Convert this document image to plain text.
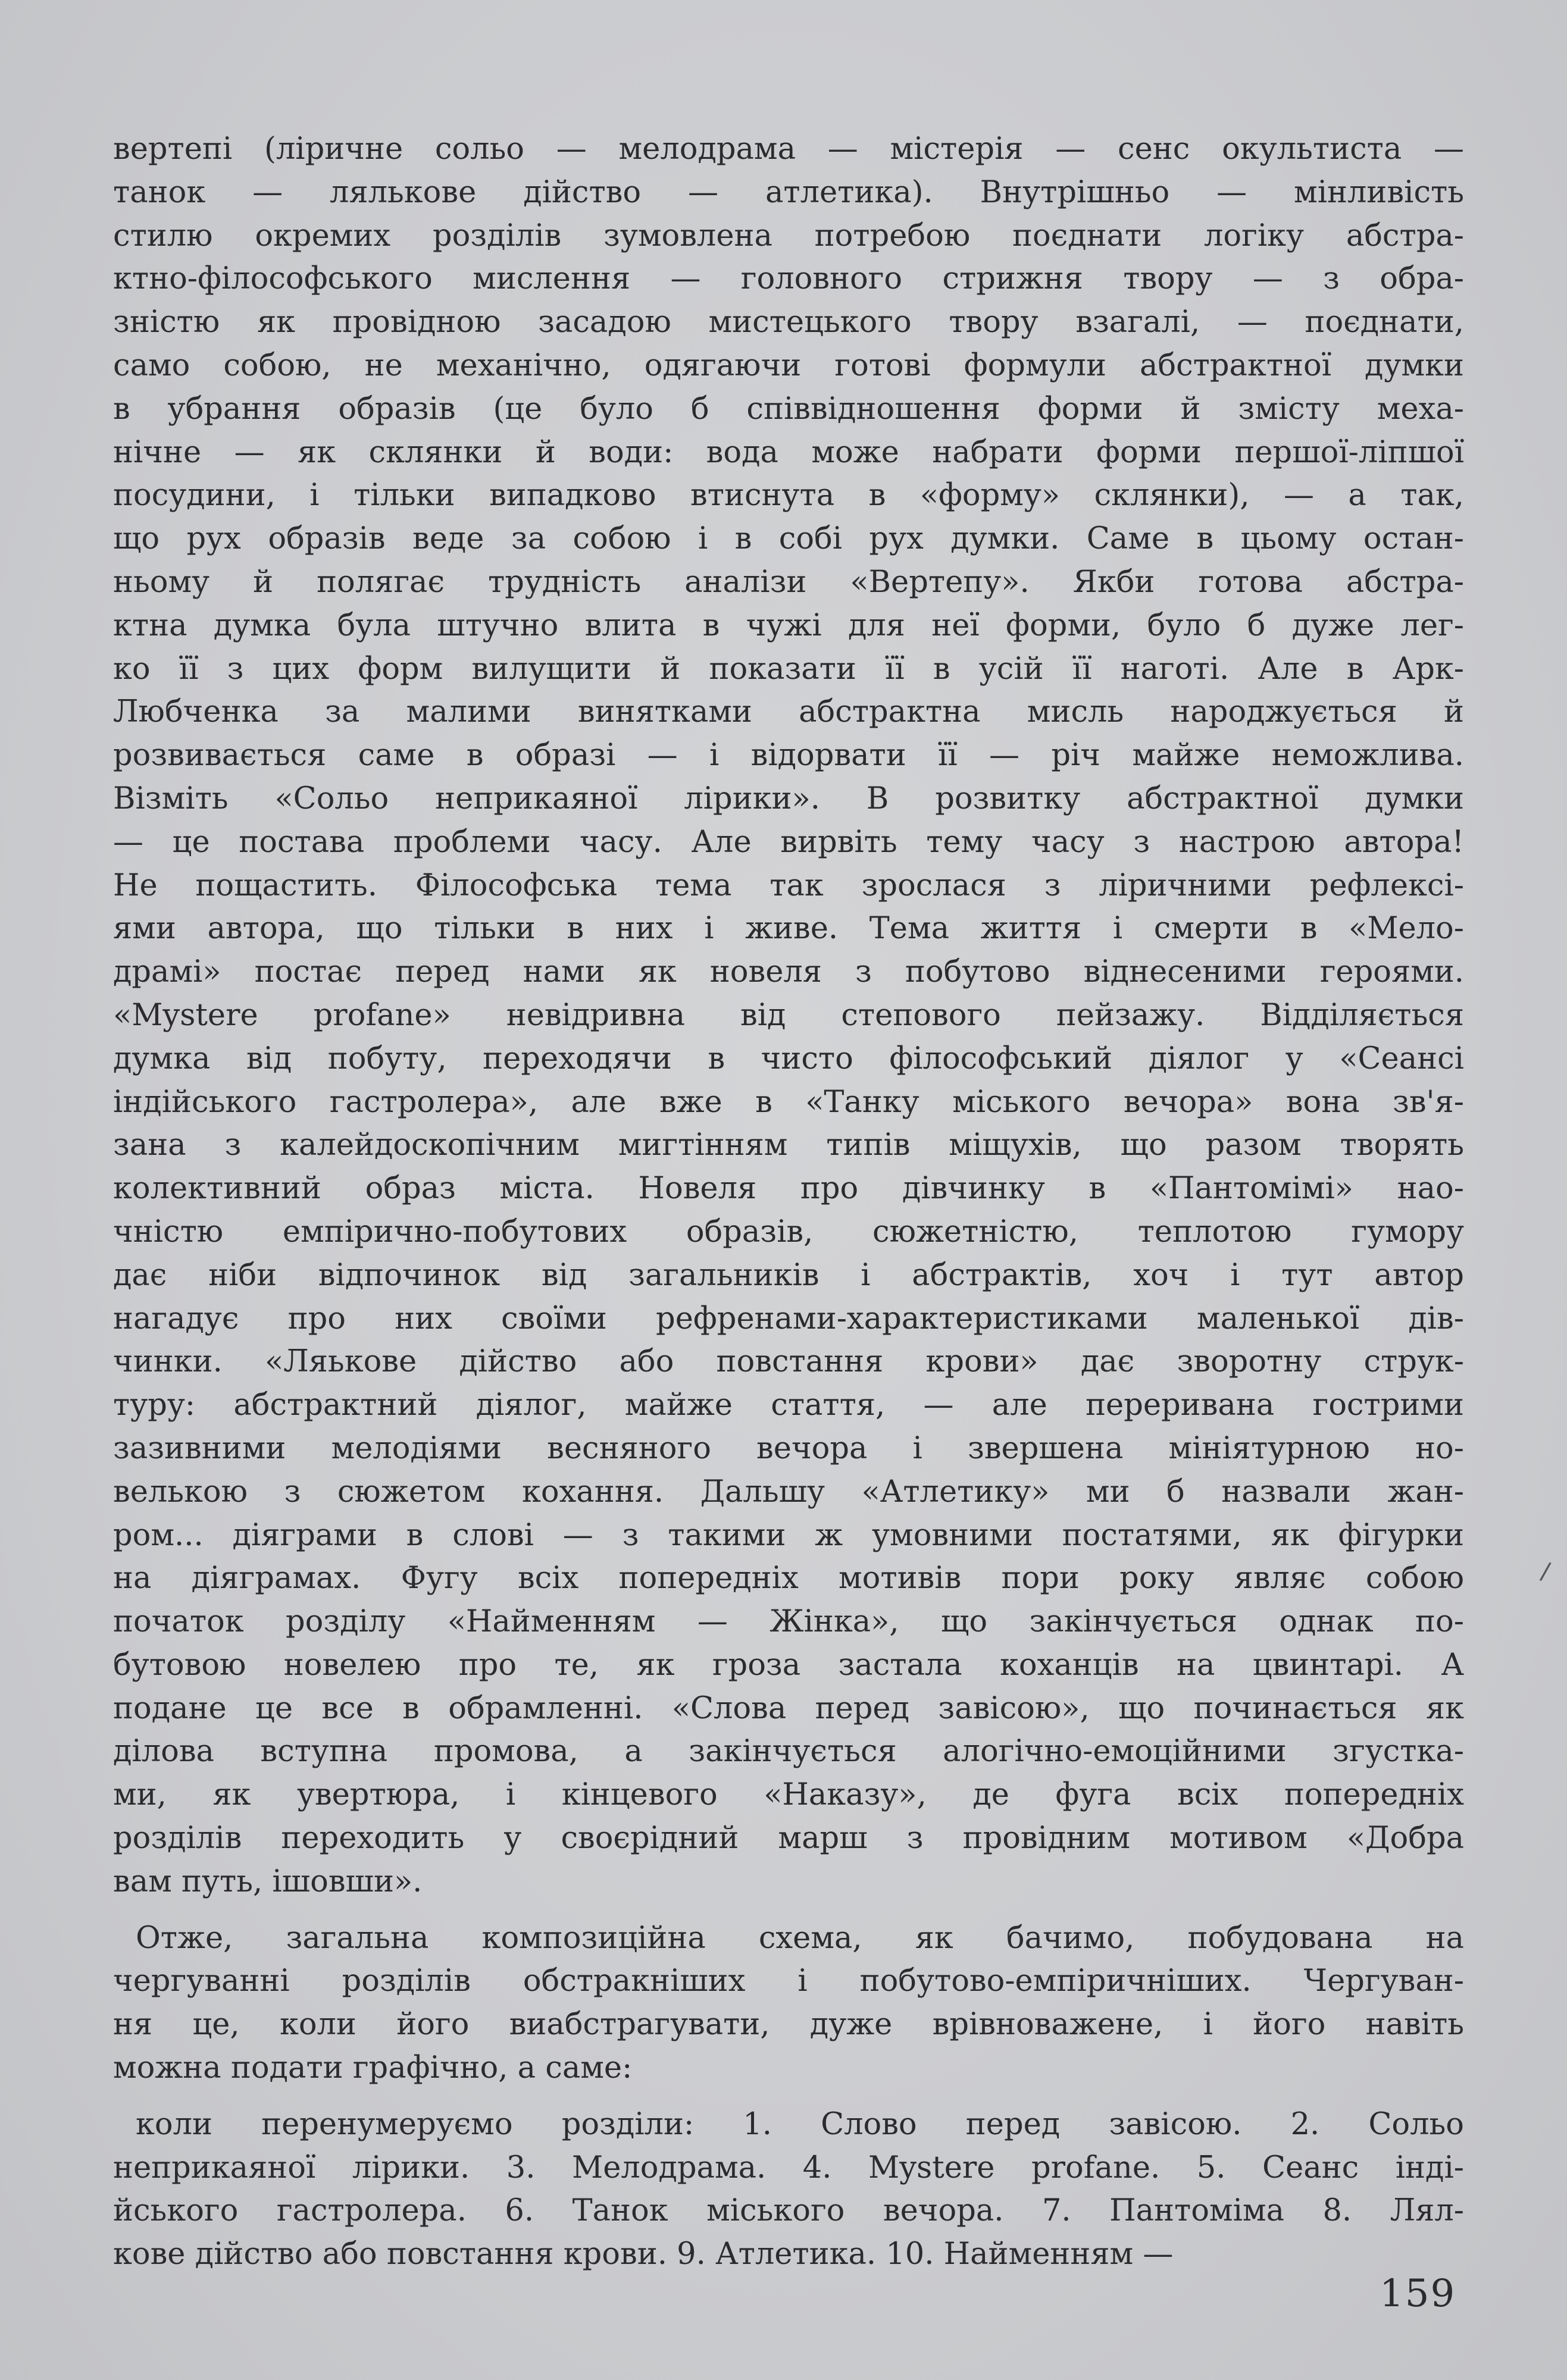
вертепі (ліричне сольо — мелодрама — містерія — сенс окультиста —
танок — лялькове дійство — атлетика). Внутрішньо — мінливість
стилю окремих розділів зумовлена потребою поєднати логіку абстра-
ктно-філософського мислення — головного стрижня твору — з обра-
зністю як провідною засадою мистецького твору взагалі, — поєднати,
само собою, не механічно, одягаючи готові формули абстрактної думки
в убрання образів (це було б співвідношення форми й змісту меха-
нічне — як склянки й води: вода може набрати форми першої-ліпшої
посудини, і тільки випадково втиснута в «форму» склянки), — а так,
що рух образів веде за собою і в собі рух думки. Саме в цьому остан-
ньому й полягає трудність аналізи «Вертепу». Якби готова абстра-
ктна думка була штучно влита в чужі для неї форми, було б дуже лег-
ко її з цих форм вилущити й показати її в усій її наготі. Але в Арк-
Любченка за малими винятками абстрактна мисль народжується й
розвивається саме в образі — і відорвати її — річ майже неможлива.
Візміть «Сольо неприкаяної лірики». В розвитку абстрактної думки
— це постава проблеми часу. Але вирвіть тему часу з настрою автора!
Не пощастить. Філософська тема так зрослася з ліричними рефлексі-
ями автора, що тільки в них і живе. Тема життя і смерти в «Мело-
драмі» постає перед нами як новеля з побутово віднесеними героями.
«Mystere profane» невідривна від степового пейзажу. Відділяється
думка від побуту, переходячи в чисто філософський діялог у «Сеансі
індійського гастролера», але вже в «Танку міського вечора» вона зв'я-
зана з калейдоскопічним мигтінням типів міщухів, що разом творять
колективний образ міста. Новеля про дівчинку в «Пантомімі» нао-
чністю емпірично-побутових образів, сюжетністю, теплотою гумору
дає ніби відпочинок від загальників і абстрактів, хоч і тут автор
нагадує про них своїми рефренами-характеристиками маленької дів-
чинки. «Ляькове дійство або повстання крови» дає зворотну струк-
туру: абстрактний діялог, майже стаття, — але переривана гострими
зазивними мелодіями весняного вечора і звершена мініятурною но-
велькою з сюжетом кохання. Дальшу «Атлетику» ми б назвали жан-
ром... діяграми в слові — з такими ж умовними постатями, як фігурки
на діяграмах. Фугу всіх попередніх мотивів пори року являє собою
початок розділу «Найменням — Жінка», що закінчується однак по-
бутовою новелею про те, як гроза застала коханців на цвинтарі. А
подане це все в обрамленні. «Слова перед завісою», що починається як
ділова вступна промова, а закінчується алогічно-емоційними згустка-
ми, як увертюра, і кінцевого «Наказу», де фуга всіх попередніх
розділів переходить у своєрідний марш з провідним мотивом «Добра
вам путь, ішовши».
Отже, загальна композиційна схема, як бачимо, побудована на
чергуванні розділів обстракніших і побутово-емпіричніших. Чергуван-
ня це, коли його виабстрагувати, дуже врівноважене, і його навіть
можна подати графічно, а саме:
коли перенумеруємо розділи: 1. Слово перед завісою. 2. Сольо
неприкаяної лірики. 3. Мелодрама. 4. Mystere profane. 5. Сеанс інді-
йського гастролера. 6. Танок міського вечора. 7. Пантоміма 8. Лял-
кове дійство або повстання крови. 9. Атлетика. 10. Найменням —
159
/
